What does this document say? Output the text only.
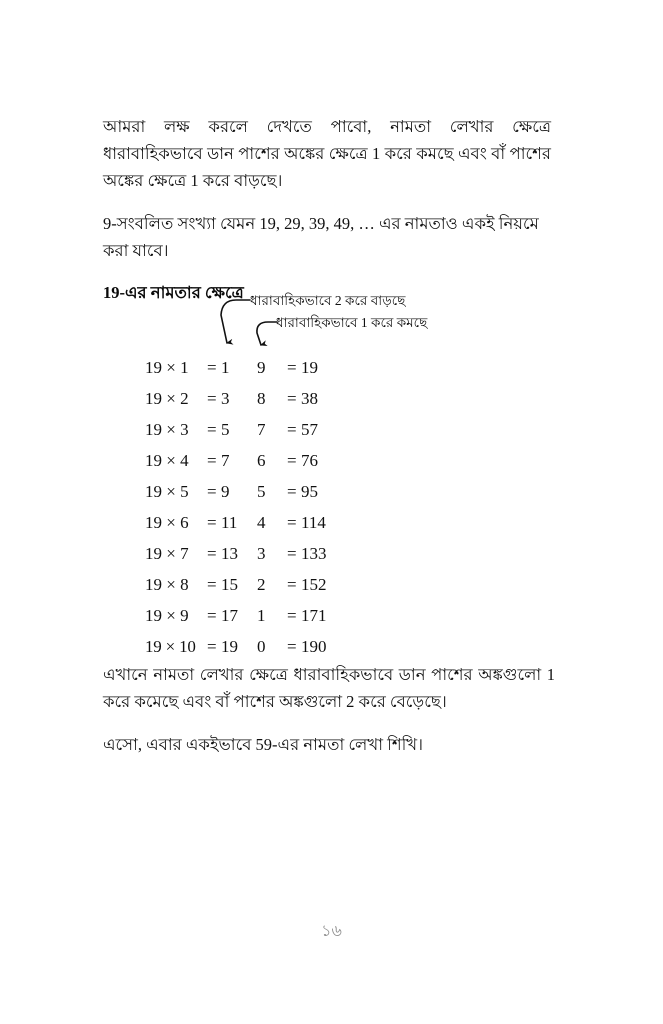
আমরা লক্ষ করলে দেখতে পাবো, নামতা লেখার ক্ষেত্রে ধারাবাহিকভাবে ডান পাশের অঙ্কের ক্ষেত্রে 1 করে কমছে এবং বাঁ পাশের অঙ্কের ক্ষেত্রে 1 করে বাড়ছে।

9-সংবলিত সংখ্যা যেমন 19, 29, 39, 49, … এর নামতাও একই নিয়মে করা যাবে।

19-এর নামতার ক্ষেত্রে ধারাবাহিকভাবে 2 করে বাড়ছে
ধারাবাহিকভাবে 1 করে কমছে
19 × 1	= 1	9	= 19
19 × 2	= 3	8	= 38
19 × 3	= 5	7	= 57
19 × 4	= 7	6	= 76
19 × 5	= 9	5	= 95
19 × 6	= 11	4	= 114
19 × 7	= 13	3	= 133
19 × 8	= 15	2	= 152
19 × 9	= 17	1	= 171
19 × 10 = 19	0	= 190

এখানে নামতা লেখার ক্ষেত্রে ধারাবাহিকভাবে ডান পাশের অঙ্কগুলো 1 করে কমেছে এবং বাঁ পাশের অঙ্কগুলো 2 করে বেড়েছে।

এসো, এবার একইভাবে 59-এর নামতা লেখা শিখি।

১৬
